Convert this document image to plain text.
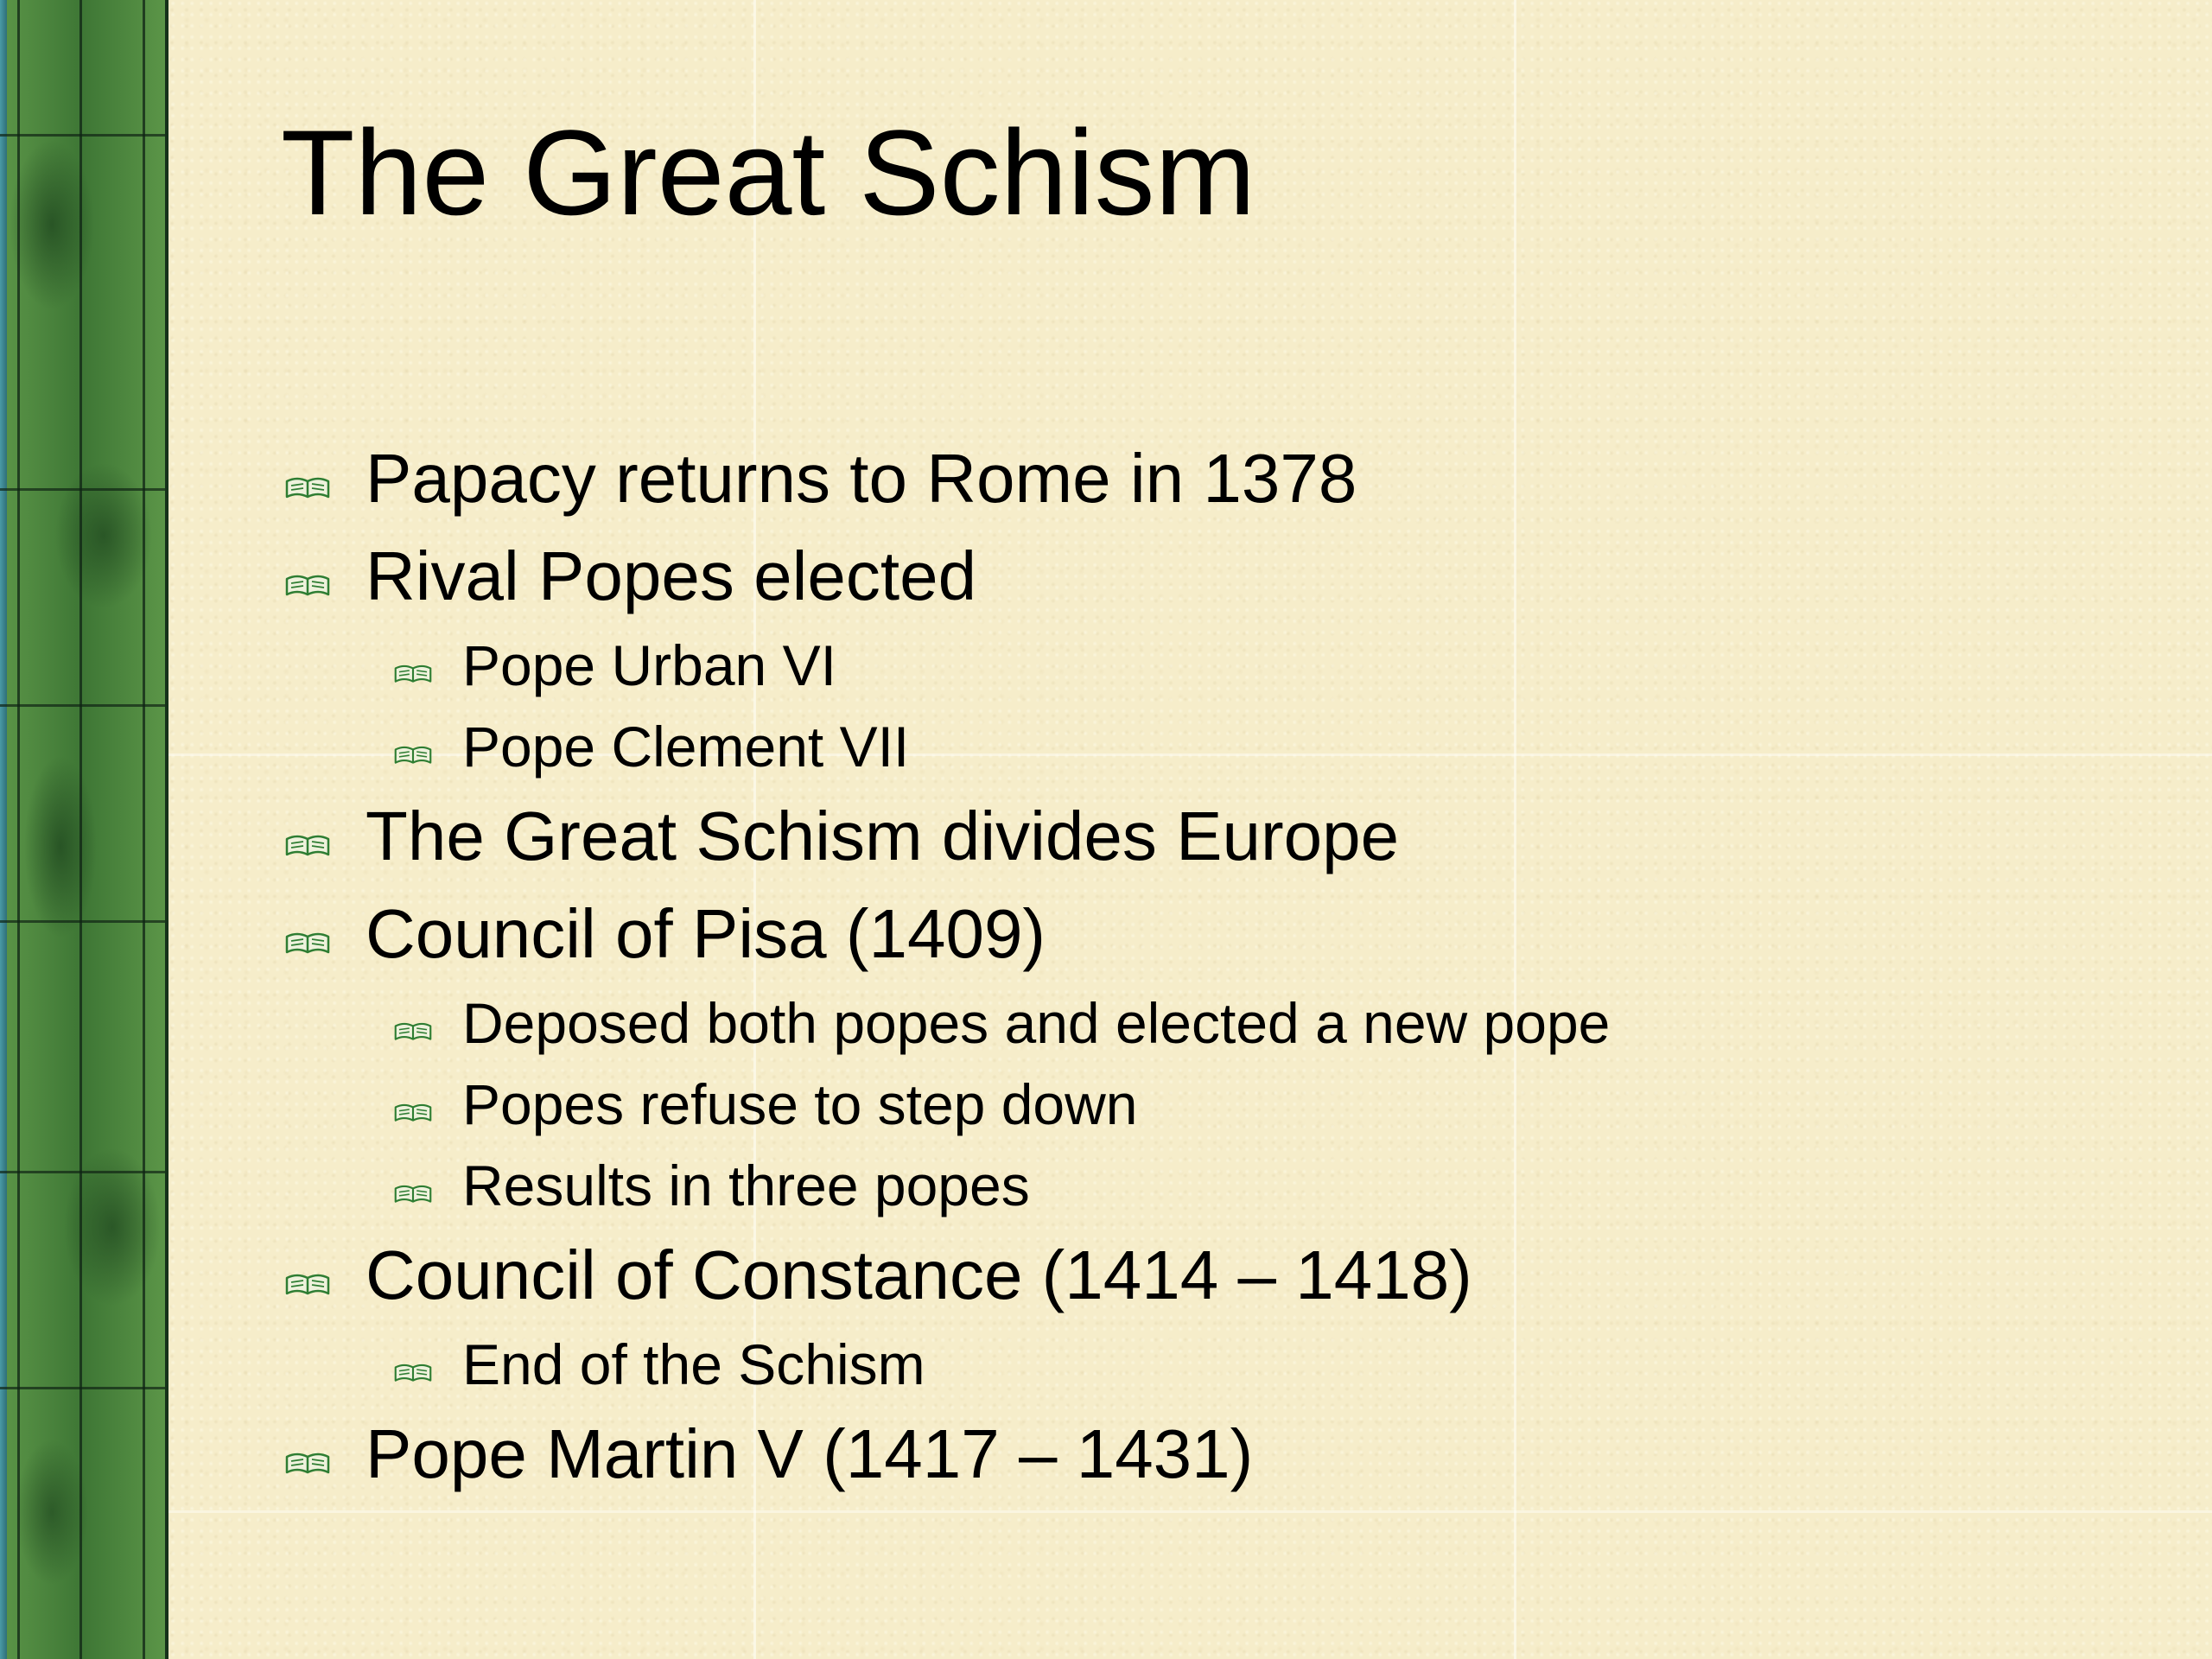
The Great Schism
Papacy returns to Rome in 1378
Rival Popes elected
Pope Urban VI
Pope Clement VII
The Great Schism divides Europe
Council of Pisa (1409)
Deposed both popes and elected a new pope
Popes refuse to step down
Results in three popes
Council of Constance (1414 – 1418)
End of the Schism
Pope Martin V (1417 – 1431)
